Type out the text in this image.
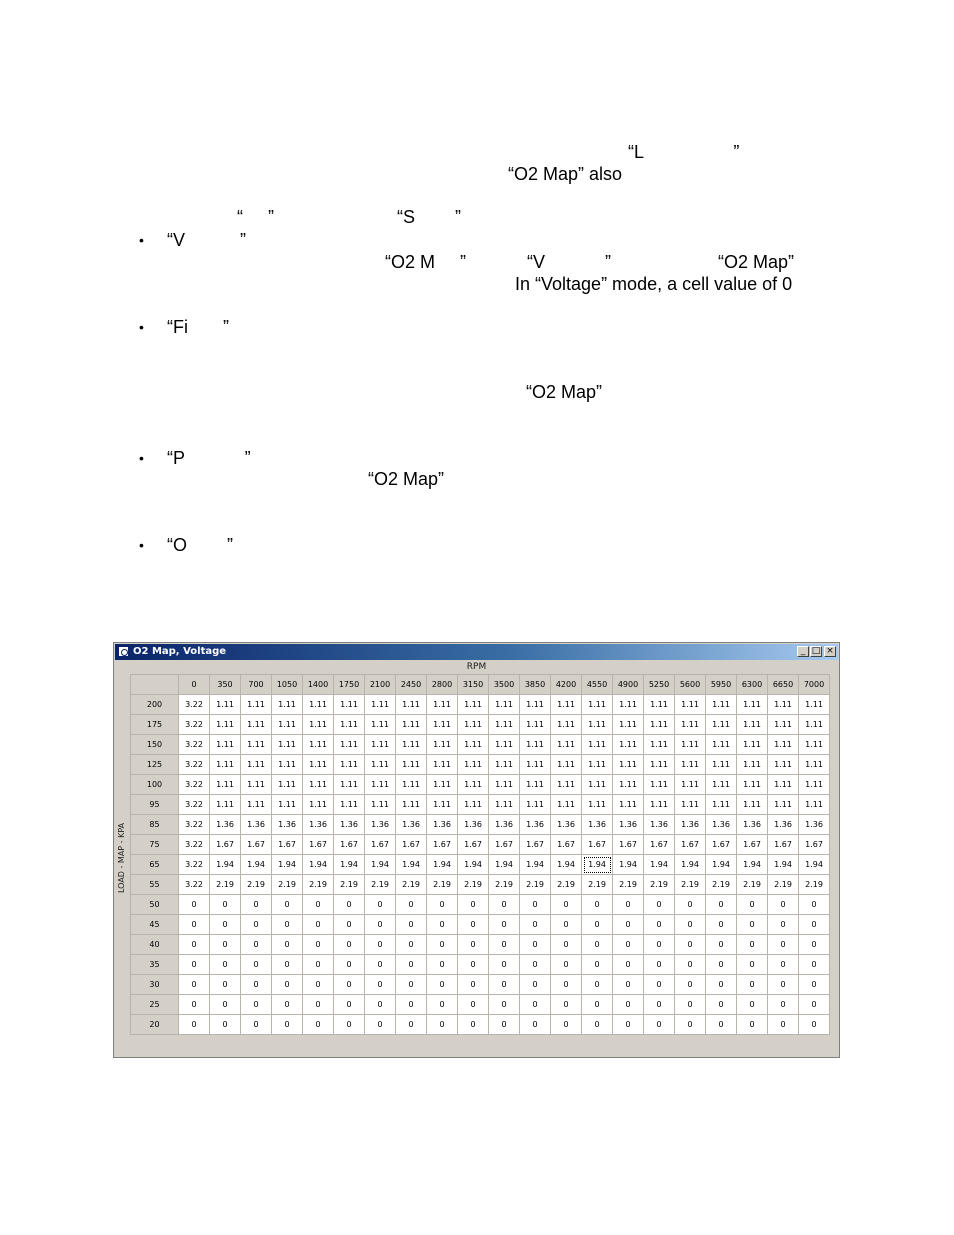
“L                  ”
“O2 Map” also
“     ”	“S        ”
• “V           ”
“O2 M     ”	“V            ”	“O2 Map”
In “Voltage” mode, a cell value of 0
• “Fi       ”
“O2 Map”
• “P            ”
“O2 Map”
• “O        ”
O2 Map, Voltage	_ □ ×
RPM
LOAD - MAP - KPA
	0	350	700	1050	1400	1750	2100	2450	2800	3150	3500	3850	4200	4550	4900	5250	5600	5950	6300	6650	7000
200	3.22	1.11	1.11	1.11	1.11	1.11	1.11	1.11	1.11	1.11	1.11	1.11	1.11	1.11	1.11	1.11	1.11	1.11	1.11	1.11	1.11
175	3.22	1.11	1.11	1.11	1.11	1.11	1.11	1.11	1.11	1.11	1.11	1.11	1.11	1.11	1.11	1.11	1.11	1.11	1.11	1.11	1.11
150	3.22	1.11	1.11	1.11	1.11	1.11	1.11	1.11	1.11	1.11	1.11	1.11	1.11	1.11	1.11	1.11	1.11	1.11	1.11	1.11	1.11
125	3.22	1.11	1.11	1.11	1.11	1.11	1.11	1.11	1.11	1.11	1.11	1.11	1.11	1.11	1.11	1.11	1.11	1.11	1.11	1.11	1.11
100	3.22	1.11	1.11	1.11	1.11	1.11	1.11	1.11	1.11	1.11	1.11	1.11	1.11	1.11	1.11	1.11	1.11	1.11	1.11	1.11	1.11
95	3.22	1.11	1.11	1.11	1.11	1.11	1.11	1.11	1.11	1.11	1.11	1.11	1.11	1.11	1.11	1.11	1.11	1.11	1.11	1.11	1.11
85	3.22	1.36	1.36	1.36	1.36	1.36	1.36	1.36	1.36	1.36	1.36	1.36	1.36	1.36	1.36	1.36	1.36	1.36	1.36	1.36	1.36
75	3.22	1.67	1.67	1.67	1.67	1.67	1.67	1.67	1.67	1.67	1.67	1.67	1.67	1.67	1.67	1.67	1.67	1.67	1.67	1.67	1.67
65	3.22	1.94	1.94	1.94	1.94	1.94	1.94	1.94	1.94	1.94	1.94	1.94	1.94	1.94	1.94	1.94	1.94	1.94	1.94	1.94	1.94
55	3.22	2.19	2.19	2.19	2.19	2.19	2.19	2.19	2.19	2.19	2.19	2.19	2.19	2.19	2.19	2.19	2.19	2.19	2.19	2.19	2.19
50	0	0	0	0	0	0	0	0	0	0	0	0	0	0	0	0	0	0	0	0	0
45	0	0	0	0	0	0	0	0	0	0	0	0	0	0	0	0	0	0	0	0	0
40	0	0	0	0	0	0	0	0	0	0	0	0	0	0	0	0	0	0	0	0	0
35	0	0	0	0	0	0	0	0	0	0	0	0	0	0	0	0	0	0	0	0	0
30	0	0	0	0	0	0	0	0	0	0	0	0	0	0	0	0	0	0	0	0	0
25	0	0	0	0	0	0	0	0	0	0	0	0	0	0	0	0	0	0	0	0	0
20	0	0	0	0	0	0	0	0	0	0	0	0	0	0	0	0	0	0	0	0	0
